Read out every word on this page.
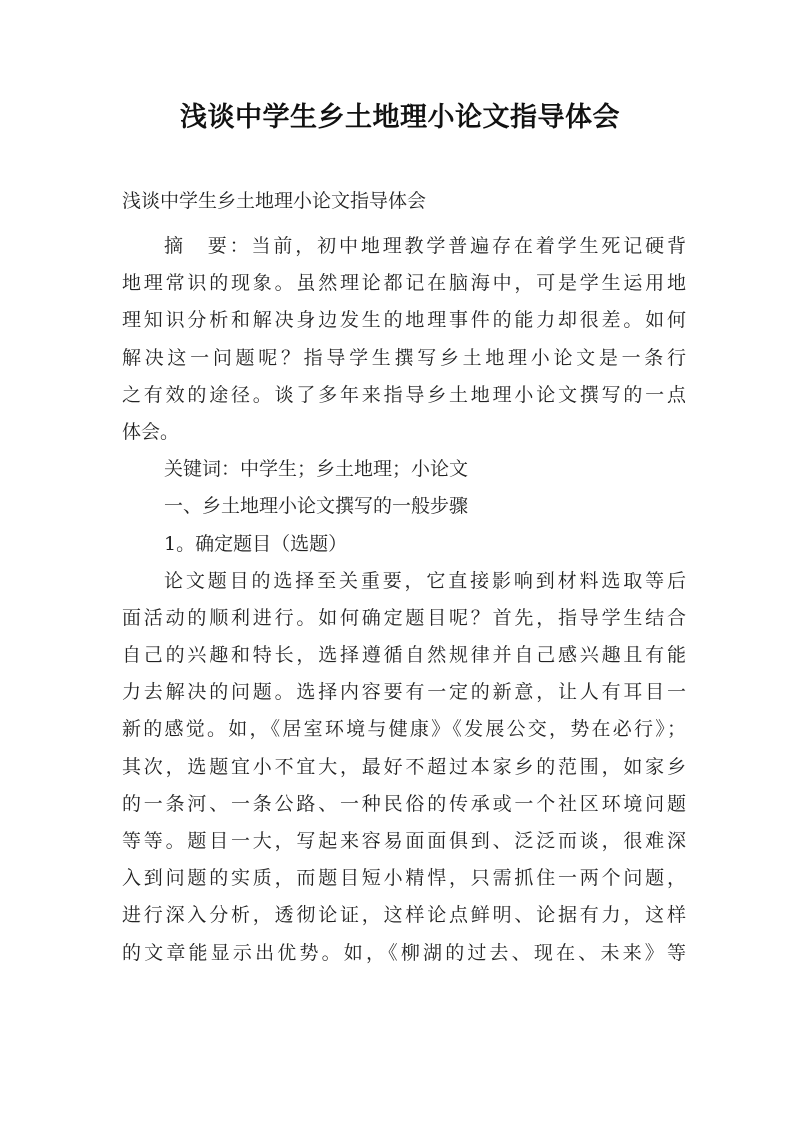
浅谈中学生乡土地理小论文指导体会
浅谈中学生乡土地理小论文指导体会
摘　要：当前，初中地理教学普遍存在着学生死记硬背
地理常识的现象。虽然理论都记在脑海中，可是学生运用地
理知识分析和解决身边发生的地理事件的能力却很差。如何
解决这一问题呢？指导学生撰写乡土地理小论文是一条行
之有效的途径。谈了多年来指导乡土地理小论文撰写的一点
体会。
关键词：中学生；乡土地理；小论文
一、乡土地理小论文撰写的一般步骤
1。确定题目（选题）
论文题目的选择至关重要，它直接影响到材料选取等后
面活动的顺利进行。如何确定题目呢？首先，指导学生结合
自己的兴趣和特长，选择遵循自然规律并自己感兴趣且有能
力去解决的问题。选择内容要有一定的新意，让人有耳目一
新的感觉。如，《居室环境与健康》《发展公交，势在必行》；
其次，选题宜小不宜大，最好不超过本家乡的范围，如家乡
的一条河、一条公路、一种民俗的传承或一个社区环境问题
等等。题目一大，写起来容易面面俱到、泛泛而谈，很难深
入到问题的实质，而题目短小精悍，只需抓住一两个问题，
进行深入分析，透彻论证，这样论点鲜明、论据有力，这样
的文章能显示出优势。如，《柳湖的过去、现在、未来》等
